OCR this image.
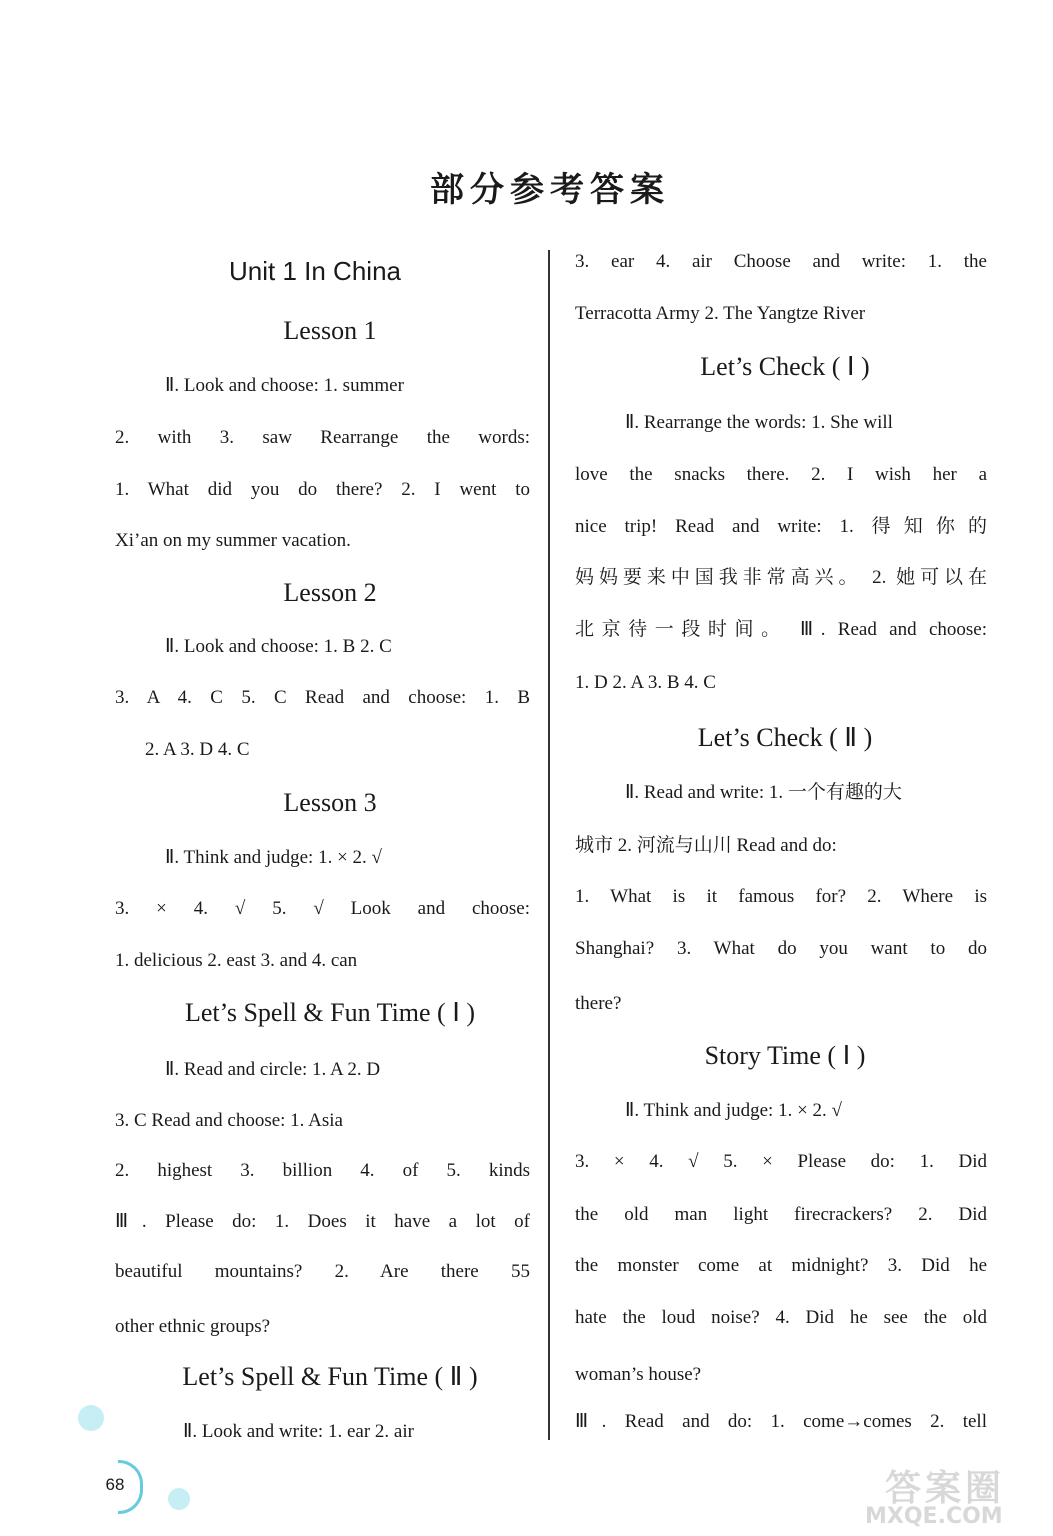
部分参考答案
Unit 1 In China
Lesson 1
Ⅱ. Look and choose: 1. summer
2. with 3. saw Rearrange the words:
1. What did you do there? 2. I went to
Xi’an on my summer vacation.
Lesson 2
Ⅱ. Look and choose: 1. B 2. C
3. A 4. C 5. C Read and choose: 1. B
2. A 3. D 4. C
Lesson 3
Ⅱ. Think and judge: 1. × 2. √
3. × 4. √ 5. √ Look and choose:
1. delicious 2. east 3. and 4. can
Let’s Spell & Fun Time ( Ⅰ )
Ⅱ. Read and circle: 1. A 2. D
3. C Read and choose: 1. Asia
2. highest 3. billion 4. of 5. kinds
Ⅲ. Please do: 1. Does it have a lot of
beautiful mountains? 2. Are there 55
other ethnic groups?
Let’s Spell & Fun Time ( Ⅱ )
Ⅱ. Look and write: 1. ear 2. air
3. ear 4. air Choose and write: 1. the
Terracotta Army 2. The Yangtze River
Let’s Check ( Ⅰ )
Ⅱ. Rearrange the words: 1. She will
love the snacks there. 2. I wish her a
nice trip! Read and write: 1. 得知你的
妈妈要来中国我非常高兴。 2. 她可以在
北京待一段时间。 Ⅲ. Read and choose:
1. D 2. A 3. B 4. C
Let’s Check ( Ⅱ )
Ⅱ. Read and write: 1. 一个有趣的大
城市 2. 河流与山川 Read and do:
1. What is it famous for? 2. Where is
Shanghai? 3. What do you want to do
there?
Story Time ( Ⅰ )
Ⅱ. Think and judge: 1. × 2. √
3. × 4. √ 5. × Please do: 1. Did
the old man light firecrackers? 2. Did
the monster come at midnight? 3. Did he
hate the loud noise? 4. Did he see the old
woman’s house?
Ⅲ. Read and do: 1. come→comes 2. tell
68	答案圈
MXQE.COM
